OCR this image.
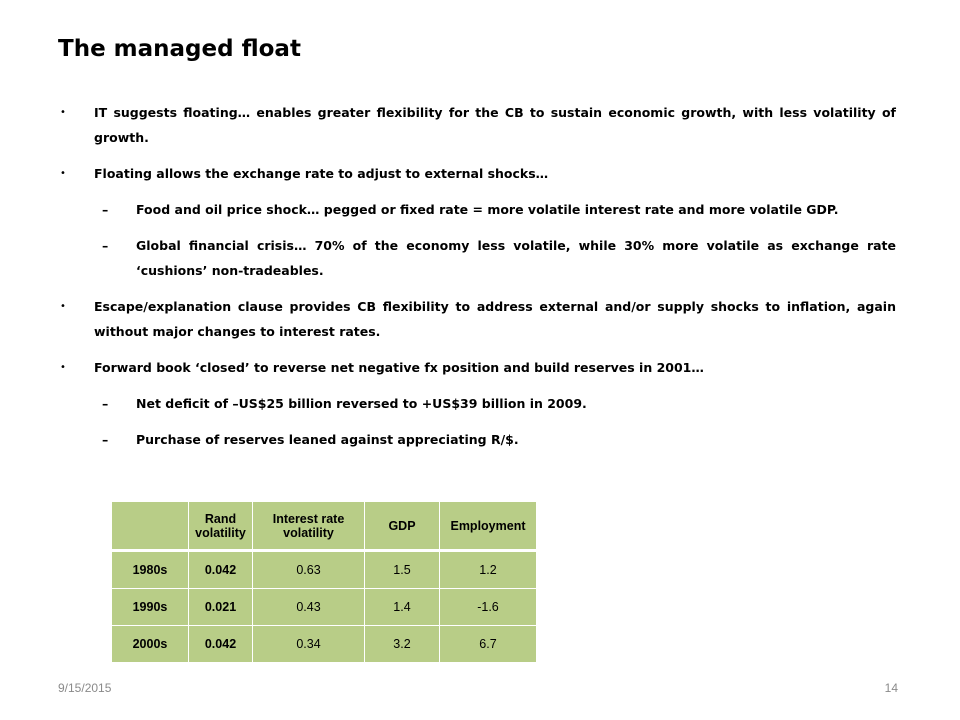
The managed float
• IT suggests floating… enables greater flexibility for the CB to sustain economic growth, with less volatility of growth.
• Floating allows the exchange rate to adjust to external shocks…
– Food and oil price shock… pegged or fixed rate = more volatile interest rate and more volatile GDP.
– Global financial crisis… 70% of the economy less volatile, while 30% more volatile as exchange rate ‘cushions’ non-tradeables.
• Escape/explanation clause provides CB flexibility to address external and/or supply shocks to inflation, again without major changes to interest rates.
• Forward book ‘closed’ to reverse net negative fx position and build reserves in 2001…
– Net deficit of –US$25 billion reversed to +US$39 billion in 2009.
– Purchase of reserves leaned against appreciating R/$.
	Rand volatility	Interest rate volatility	GDP	Employment
1980s	0.042	0.63	1.5	1.2
1990s	0.021	0.43	1.4	-1.6
2000s	0.042	0.34	3.2	6.7
9/15/2015	14
